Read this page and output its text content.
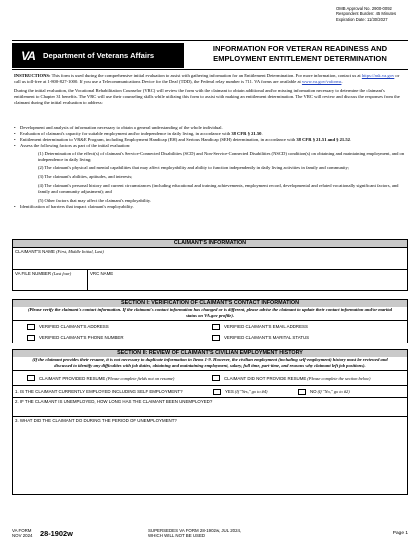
OMB Approval No. 2900-0092
Respondent Burden: 45 Minutes
Expiration Date: 11/30/2027
VA	Department of Veterans Affairs
INFORMATION FOR VETERAN READINESS AND
EMPLOYMENT ENTITLEMENT DETERMINATION

INSTRUCTIONS: This form is used during the comprehensive initial evaluation to assist with gathering information for an Entitlement Determination. For more information, contact us at https://ask.va.gov or call us toll-free at 1-800-827-1000. If you use a Telecommunications Device for the Deaf (TDD), the Federal relay number is 711. VA forms are available at www.va.gov/vaforms.

During the initial evaluation, the Vocational Rehabilitation Counselor (VRC) will review the form with the claimant to obtain additional and/or missing information necessary to determine the claimant's entitlement to Chapter 31 benefits. The VRC will use their counseling skills while utilizing this form to assist with making an entitlement determination. The VRC will review and discuss the responses from the claimant during the initial evaluation to address:

• Development and analysis of information necessary to obtain a general understanding of the whole individual.
• Evaluation of claimant's capacity for suitable employment and/or independence in daily living, in accordance with 38 CFR § 21.50.
• Entitlement determination to VR&E Program, including Employment Handicap (EH) and Serious Handicap (SEH) determination, in accordance with 38 CFR § 21.51 and § 21.52.
• Assess the following factors as part of the initial evaluation:

(1) Determination of the effect(s) of claimant's Service-Connected Disabilities (SCD) and Non-Service-Connected Disabilities (NSCD) condition(s) on obtaining and maintaining employment, and on independence in daily living;

(2) The claimant's physical and mental capabilities that may affect employability and ability to function independently in daily living activities in family and community;

(3) The claimant's abilities, aptitudes, and interests;

(4) The claimant's personal history and current circumstances (including educational and training achievements, employment record, developmental and related vocationally significant factors, and family and community adjustment); and

(5) Other factors that may affect the claimant's employability.

• Identification of barriers that impact claimant's employability.
CLAIMANT'S INFORMATION
CLAIMANT'S NAME (First, Middle Initial, Last)
VA FILE NUMBER (Last four)	VRC NAME
SECTION I: VERIFICATION OF CLAIMANT'S CONTACT INFORMATION
(Please verify the claimant's contact information. If the claimant's contact information has changed or is different, please advise the claimant to update their contact information and/or marital status on VA.gov profile).
VERIFIED CLAIMANT'S ADDRESS	VERIFIED CLAIMANT'S EMAIL ADDRESS
VERIFIED CLAIMANT'S PHONE NUMBER	VERIFIED CLAIMANT'S MARITAL STATUS
SECTION II: REVIEW OF CLAIMANT'S CIVILIAN EMPLOYMENT HISTORY
(If the claimant provides their resume, it is not necessary to duplicate information in Items 1-9. However, the civilian employment (including self-employment) history must be reviewed and discussed to identify any difficulties with job duties, obtaining and maintaining employment, salary, full time, part-time, and reasons why claimant left job positions).
CLAIMANT PROVIDED RESUME (Please complete fields not on resume)	CLAIMANT DID NOT PROVIDE RESUME (Please complete the section below)
1. IS THE CLAIMANT CURRENTLY EMPLOYED INCLUDING SELF EMPLOYMENT?	YES (If "Yes," go to #4)	NO (If "No," go to #2)
2. IF THE CLAIMANT IS UNEMPLOYED, HOW LONG HAS THE CLAIMANT BEEN UNEMPLOYED?
3. WHAT DID THE CLAIMANT DO DURING THE PERIOD OF UNEMPLOYMENT?
VA FORM
NOV 2024 28-1902w	SUPERSEDES VA FORM 28-1902w, JUL 2024,
WHICH WILL NOT BE USED	Page 1
